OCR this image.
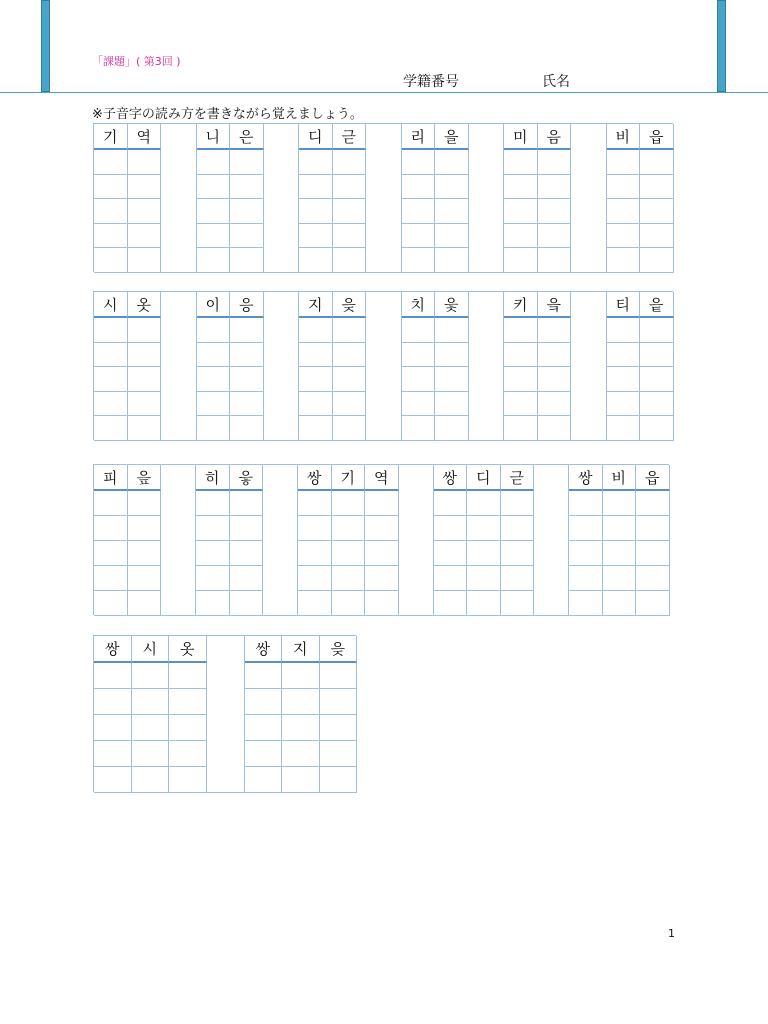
「課題」( 第3回 )
学籍番号	氏名
※子音字の読み方を書きながら覚えましょう。
기	역	니	은	디	귿	리	을	미	음	비	읍
시	옷	이	응	지	읒	치	읓	키	읔	티	읕
피	읖	히	읗	쌍	기	역	쌍	디	귿	쌍	비	읍
쌍	시	옷	쌍	지	읒
1
